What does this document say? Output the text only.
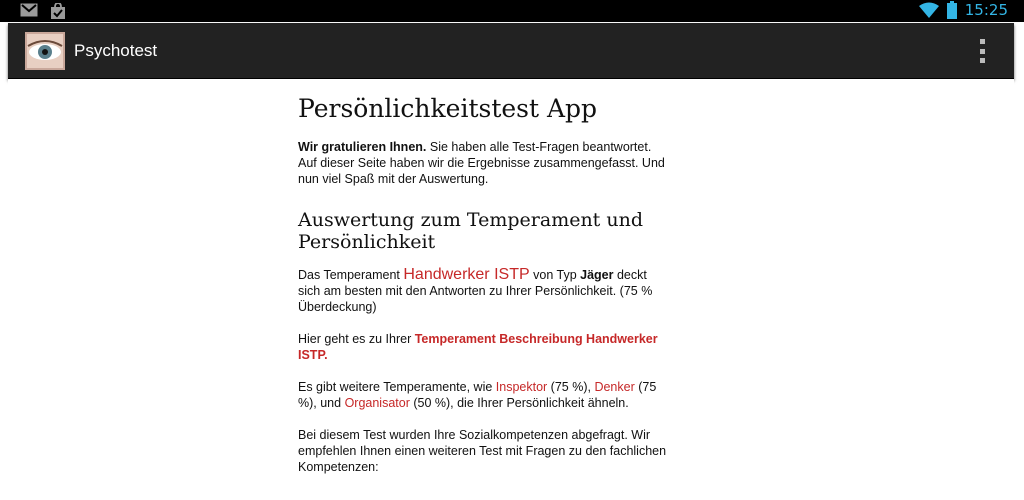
15:25
Psychotest
Persönlichkeitstest App

Wir gratulieren Ihnen. Sie haben alle Test-Fragen beantwortet. Auf dieser Seite haben wir die Ergebnisse zusammengefasst. Und nun viel Spaß mit der Auswertung.

Auswertung zum Temperament und Persönlichkeit

Das Temperament Handwerker ISTP von Typ Jäger deckt sich am besten mit den Antworten zu Ihrer Persönlichkeit. (75 % Überdeckung)

Hier geht es zu Ihrer Temperament Beschreibung Handwerker ISTP.

Es gibt weitere Temperamente, wie Inspektor (75 %), Denker (75 %), und Organisator (50 %), die Ihrer Persönlichkeit ähneln.

Bei diesem Test wurden Ihre Sozialkompetenzen abgefragt. Wir empfehlen Ihnen einen weiteren Test mit Fragen zu den fachlichen Kompetenzen:
